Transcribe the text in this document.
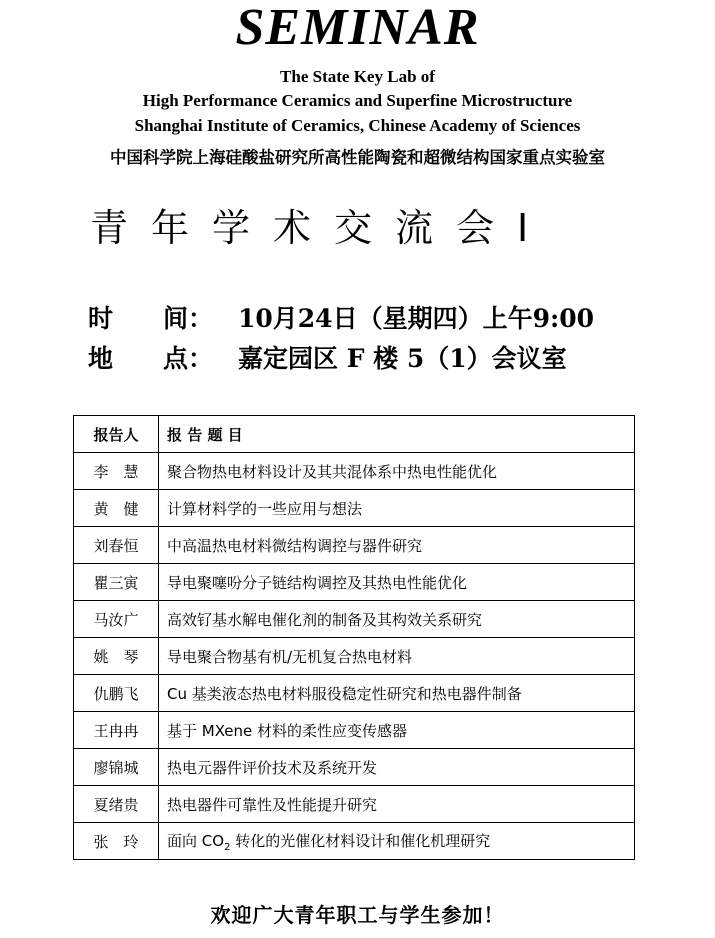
SEMINAR
The State Key Lab of
High Performance Ceramics and Superfine Microstructure
Shanghai Institute of Ceramics, Chinese Academy of Sciences
中国科学院上海硅酸盐研究所高性能陶瓷和超微结构国家重点实验室
青年学术交流会Ⅰ
时　　间： 10月24日（星期四）上午9:00
地　　点： 嘉定园区 F 楼 5（1）会议室
报告人	报 告 题 目
李　慧	聚合物热电材料设计及其共混体系中热电性能优化
黄　健	计算材料学的一些应用与想法
刘春恒	中高温热电材料微结构调控与器件研究
瞿三寅	导电聚噻吩分子链结构调控及其热电性能优化
马汝广	高效钌基水解电催化剂的制备及其构效关系研究
姚　琴	导电聚合物基有机/无机复合热电材料
仇鹏飞	Cu 基类液态热电材料服役稳定性研究和热电器件制备
王冉冉	基于 MXene 材料的柔性应变传感器
廖锦城	热电元器件评价技术及系统开发
夏绪贵	热电器件可靠性及性能提升研究
张　玲	面向 $CO_2$ 转化的光催化材料设计和催化机理研究
欢迎广大青年职工与学生参加！
